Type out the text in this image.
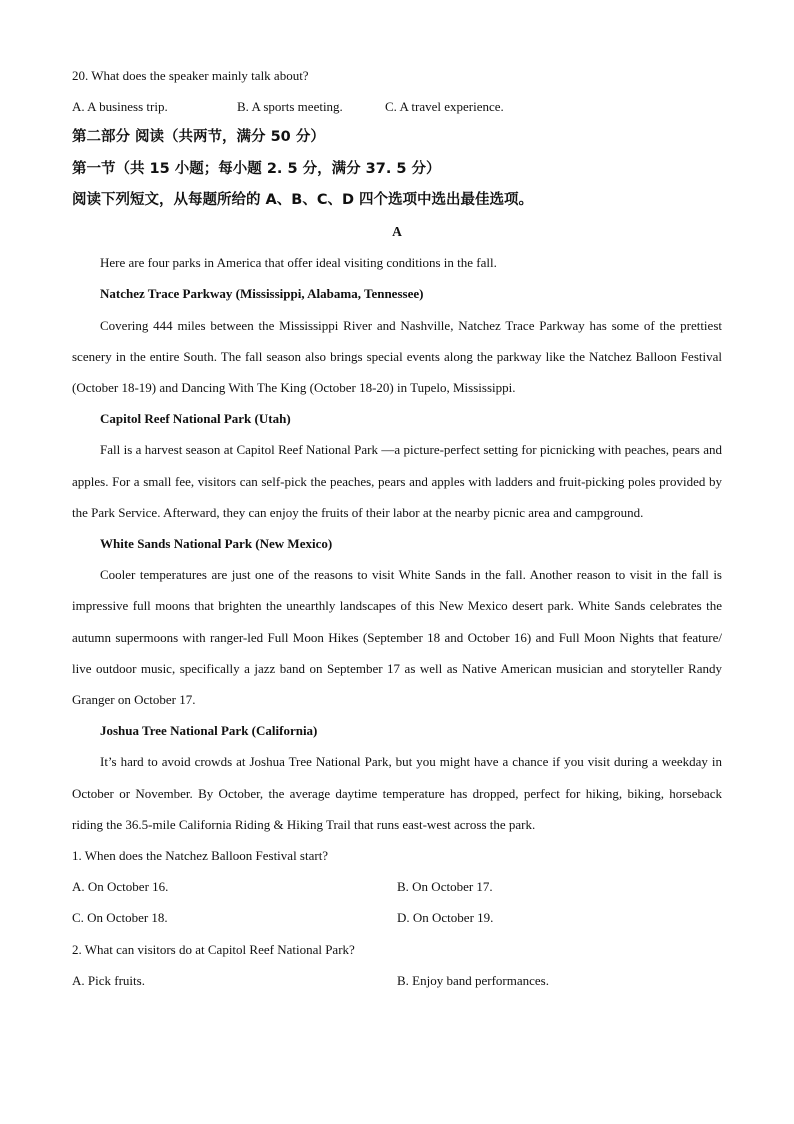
20. What does the speaker mainly talk about?
A. A business trip.	B. A sports meeting.	C. A travel experience.
第二部分 阅读（共两节，满分 50 分）
第一节（共 15 小题；每小题 2. 5 分，满分 37. 5 分）
阅读下列短文，从每题所给的 A、B、C、D 四个选项中选出最佳选项。
A
Here are four parks in America that offer ideal visiting conditions in the fall.
Natchez Trace Parkway (Mississippi, Alabama, Tennessee)
Covering 444 miles between the Mississippi River and Nashville, Natchez Trace Parkway has some of the prettiest scenery in the entire South. The fall season also brings special events along the parkway like the Natchez Balloon Festival (October 18-19) and Dancing With The King (October 18-20) in Tupelo, Mississippi.
Capitol Reef National Park (Utah)
Fall is a harvest season at Capitol Reef National Park —a picture-perfect setting for picnicking with peaches, pears and apples. For a small fee, visitors can self-pick the peaches, pears and apples with ladders and fruit-picking poles provided by the Park Service. Afterward, they can enjoy the fruits of their labor at the nearby picnic area and campground.
White Sands National Park (New Mexico)
Cooler temperatures are just one of the reasons to visit White Sands in the fall. Another reason to visit in the fall is impressive full moons that brighten the unearthly landscapes of this New Mexico desert park. White Sands celebrates the autumn supermoons with ranger-led Full Moon Hikes (September 18 and October 16) and Full Moon Nights that feature/ live outdoor music, specifically a jazz band on September 17 as well as Native American musician and storyteller Randy Granger on October 17.
Joshua Tree National Park (California)
It’s hard to avoid crowds at Joshua Tree National Park, but you might have a chance if you visit during a weekday in October or November. By October, the average daytime temperature has dropped, perfect for hiking, biking, horseback riding the 36.5-mile California Riding & Hiking Trail that runs east-west across the park.
1. When does the Natchez Balloon Festival start?
A. On October 16.	B. On October 17.
C. On October 18.	D. On October 19.
2. What can visitors do at Capitol Reef National Park?
A. Pick fruits.	B. Enjoy band performances.
